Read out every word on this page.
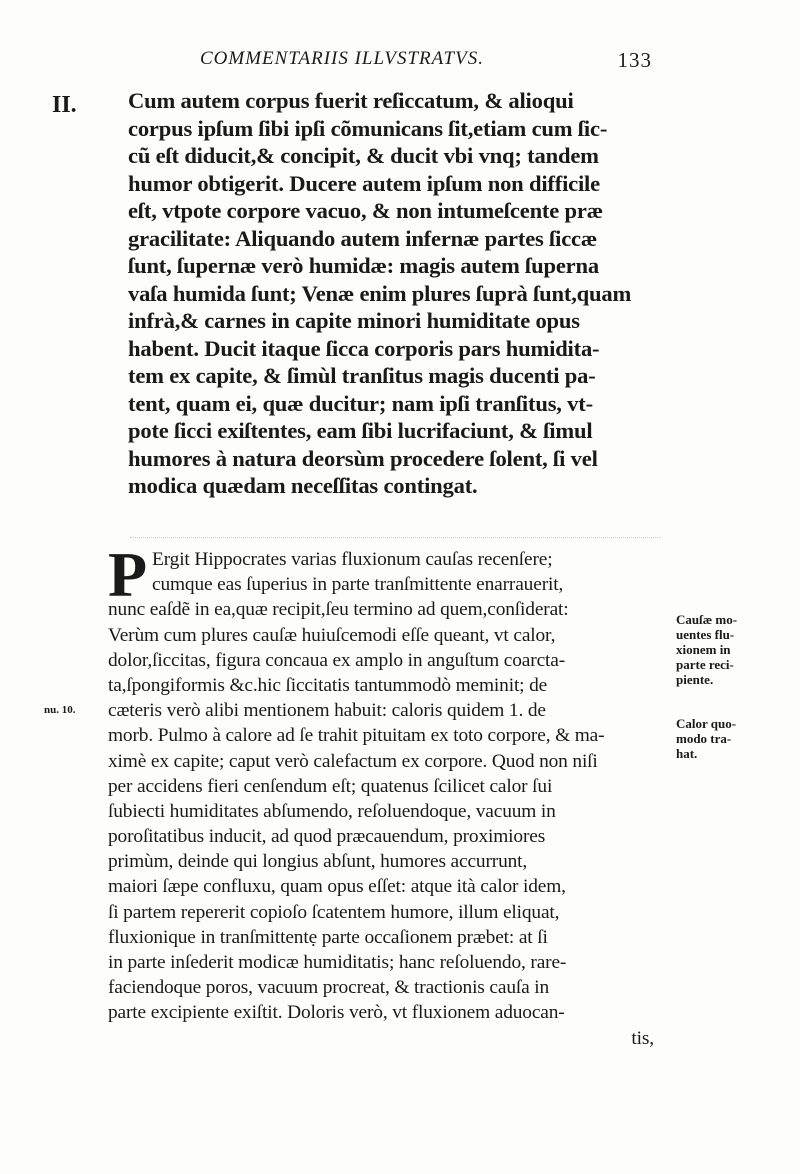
COMMENTARIIS ILLVSTRATVS.	133
II. Cum autem corpus fuerit reſiccatum, & alioqui
corpus ipſum ſibi ipſi cõmunicans ſit,etiam cum ſic-
cũ eſt diducit,& concipit, & ducit vbi vnq; tandem
humor obtigerit. Ducere autem ipſum non difficile
eſt, vtpote corpore vacuo, & non intumeſcente præ
gracilitate: Aliquando autem infernæ partes ſiccæ
ſunt, ſupernæ verò humidæ: magis autem ſuperna
vaſa humida ſunt; Venæ enim plures ſuprà ſunt,quam
infrà,& carnes in capite minori humiditate opus
habent. Ducit itaque ſicca corporis pars humidita-
tem ex capite, & ſimùl tranſitus magis ducenti pa-
tent, quam ei, quæ ducitur; nam ipſi tranſitus, vt-
pote ſicci exiſtentes, eam ſibi lucrifaciunt, & ſimul
humores à natura deorsùm procedere ſolent, ſi vel
modica quædam neceſſitas contingat.
P Ergit Hippocrates varias fluxionum cauſas recenſere;
cumque eas ſuperius in parte tranſmittente enarrauerit,
nunc eaſdẽ in ea,quæ recipit,ſeu termino ad quem,conſiderat:
Verùm cum plures cauſæ huiuſcemodi eſſe queant, vt calor,
dolor,ſiccitas, figura concaua ex amplo in anguſtum coarcta-
ta,ſpongiformis &c.hic ſiccitatis tantummodò meminit; de
cæteris verò alibi mentionem habuit: caloris quidem 1. de
morb. Pulmo à calore ad ſe trahit pituitam ex toto corpore, & ma-
ximè ex capite; caput verò calefactum ex corpore. Quod non niſi
per accidens fieri cenſendum eſt; quatenus ſcilicet calor ſui
ſubiecti humiditates abſumendo, reſoluendoque, vacuum in
poroſitatibus inducit, ad quod præcauendum, proximiores
primùm, deinde qui longius abſunt, humores accurrunt,
maiori ſæpe confluxu, quam opus eſſet: atque ità calor idem,
ſi partem repererit copioſo ſcatentem humore, illum eliquat,
fluxionique in tranſmittentẹ parte occaſionem præbet: at ſi
in parte inſederit modicæ humiditatis; hanc reſoluendo, rare-
faciendoque poros, vacuum procreat, & tractionis cauſa in
parte excipiente exiſtit. Doloris verò, vt fluxionem aduocan-
tis,
nu. 10.
Cauſæ mo-
uentes flu-
xionem in
parte reci-
piente.
Calor quo-
modo tra-
hat.
